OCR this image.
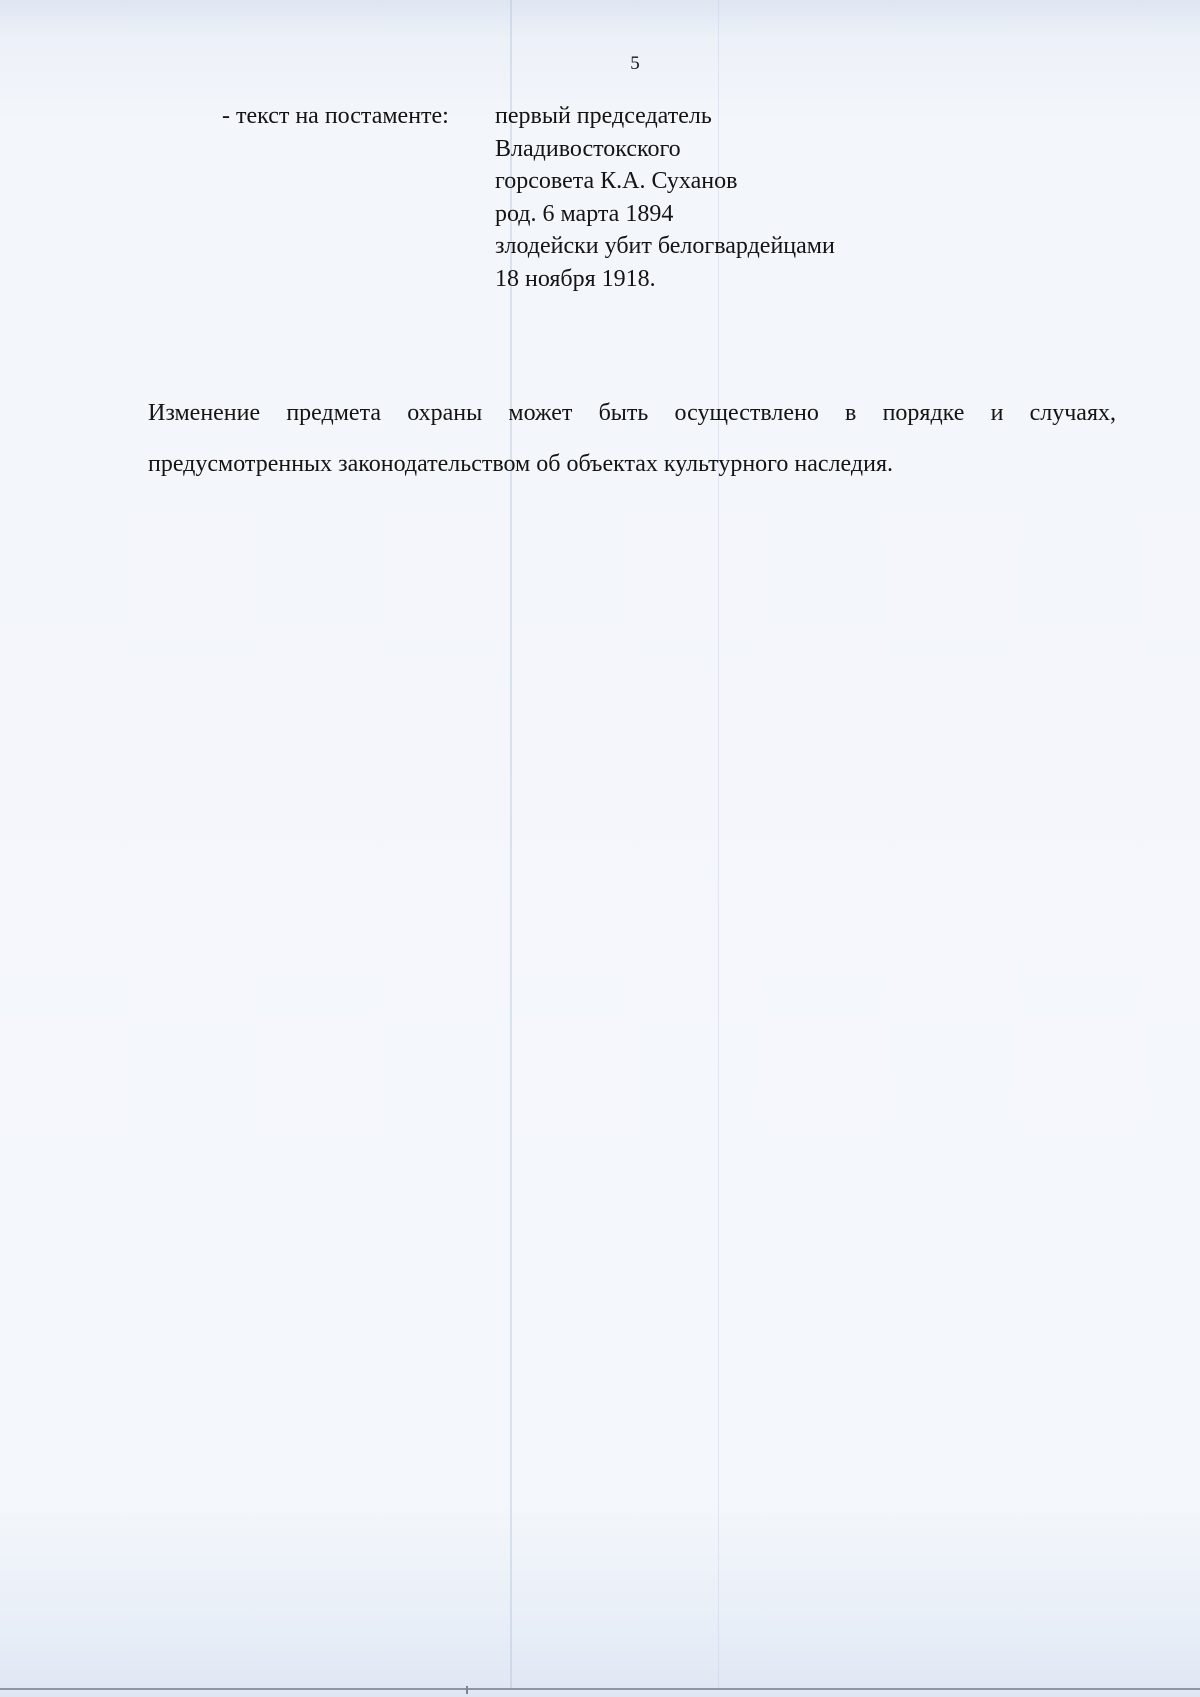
5
- текст на постаменте: первый председатель
Владивостокского
горсовета К.А. Суханов
род. 6 марта 1894
злодейски убит белогвардейцами
18 ноября 1918.

Изменение предмета охраны может быть осуществлено в порядке и случаях, предусмотренных законодательством об объектах культурного наследия.
